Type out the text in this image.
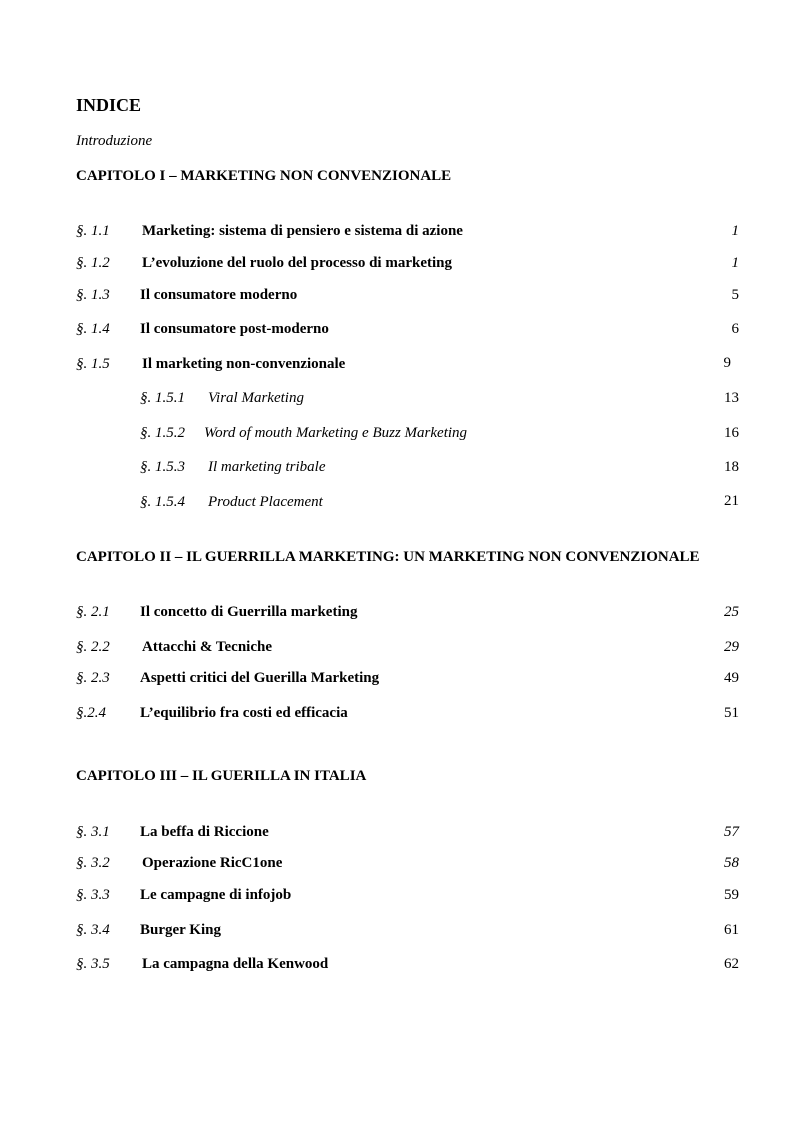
INDICE
Introduzione
CAPITOLO I – MARKETING NON CONVENZIONALE
§. 1.1 Marketing: sistema di pensiero e sistema di azione	1
§. 1.2 L’evoluzione del ruolo del processo di marketing	1
§. 1.3 Il consumatore moderno	5
§. 1.4 Il consumatore post-moderno	6
§. 1.5 Il marketing non-convenzionale	9
§. 1.5.1 Viral Marketing	13
§. 1.5.2 Word of mouth Marketing e Buzz Marketing	16
§. 1.5.3 Il marketing tribale	18
§. 1.5.4 Product Placement	21
CAPITOLO II – IL GUERRILLA MARKETING: UN MARKETING NON CONVENZIONALE
§. 2.1 Il concetto di Guerrilla marketing	25
§. 2.2 Attacchi & Tecniche	29
§. 2.3 Aspetti critici del Guerilla Marketing	49
§.2.4 L’equilibrio fra costi ed efficacia	51
CAPITOLO III – IL GUERILLA IN ITALIA
§. 3.1 La beffa di Riccione	57
§. 3.2 Operazione RicC1one	58
§. 3.3 Le campagne di infojob	59
§. 3.4 Burger King	61
§. 3.5 La campagna della Kenwood	62
